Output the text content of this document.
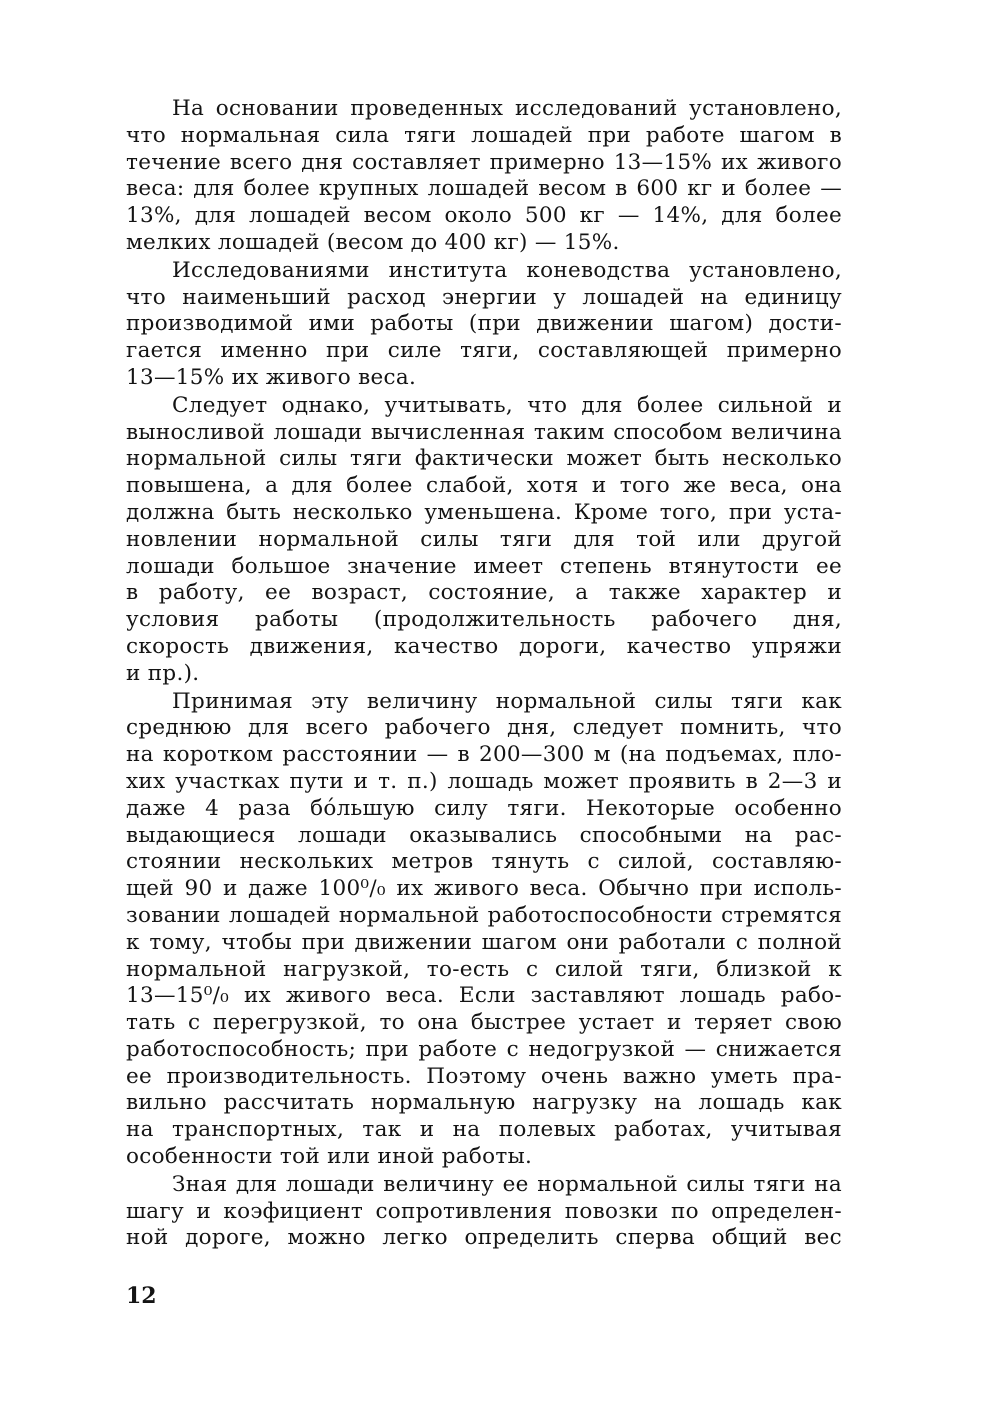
На основании проведенных исследований установлено,
что нормальная сила тяги лошадей при работе шагом в
течение всего дня составляет примерно 13—15% их живого
веса: для более крупных лошадей весом в 600 кг и более —
13%, для лошадей весом около 500 кг — 14%, для более
мелких лошадей (весом до 400 кг) — 15%.
Исследованиями института коневодства установлено,
что наименьший расход энергии у лошадей на единицу
производимой ими работы (при движении шагом) дости-
гается именно при силе тяги, составляющей примерно
13—15% их живого веса.
Следует однако, учитывать, что для более сильной и
выносливой лошади вычисленная таким способом величина
нормальной силы тяги фактически может быть несколько
повышена, а для более слабой, хотя и того же веса, она
должна быть несколько уменьшена. Кроме того, при уста-
новлении нормальной силы тяги для той или другой
лошади большое значение имеет степень втянутости ее
в работу, ее возраст, состояние, а также характер и
условия работы (продолжительность рабочего дня,
скорость движения, качество дороги, качество упряжи
и пр.).
Принимая эту величину нормальной силы тяги как
среднюю для всего рабочего дня, следует помнить, что
на коротком расстоянии — в 200—300 м (на подъемах, пло-
хих участках пути и т. п.) лошадь может проявить в 2—3 и
даже 4 раза бо́льшую силу тяги. Некоторые особенно
выдающиеся лошади оказывались способными на рас-
стоянии нескольких метров тянуть с силой, составляю-
щей 90 и даже 100⁰/₀ их живого веса. Обычно при исполь-
зовании лошадей нормальной работоспособности стремятся
к тому, чтобы при движении шагом они работали с полной
нормальной нагрузкой, то-есть с силой тяги, близкой к
13—15⁰/₀ их живого веса. Если заставляют лошадь рабо-
тать с перегрузкой, то она быстрее устает и теряет свою
работоспособность; при работе с недогрузкой — снижается
ее производительность. Поэтому очень важно уметь пра-
вильно рассчитать нормальную нагрузку на лошадь как
на транспортных, так и на полевых работах, учитывая
особенности той или иной работы.
Зная для лошади величину ее нормальной силы тяги на
шагу и коэфициент сопротивления повозки по определен-
ной дороге, можно легко определить сперва общий вес
12
